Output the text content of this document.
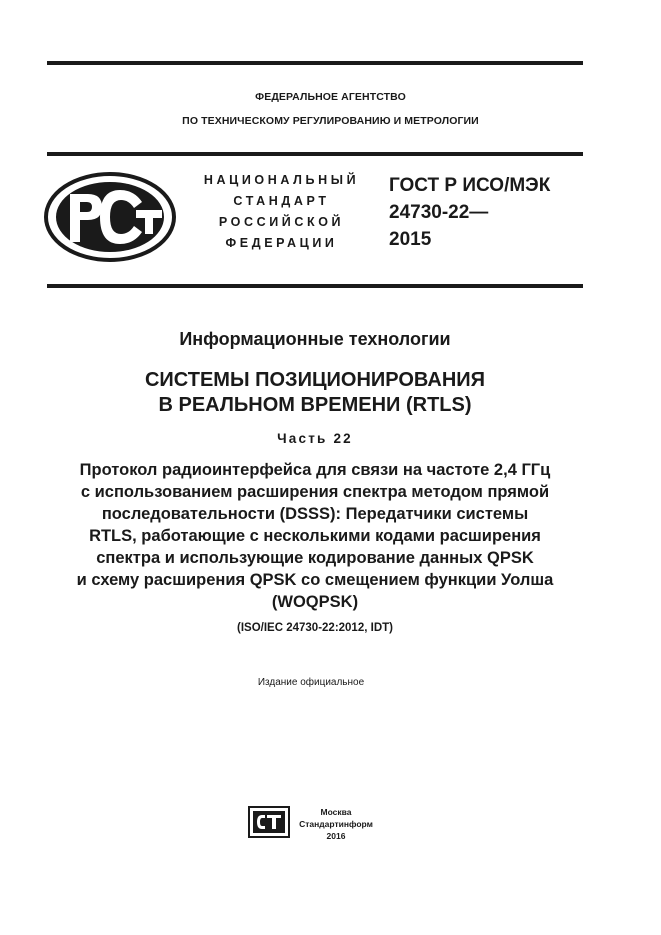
ФЕДЕРАЛЬНОЕ АГЕНТСТВО
ПО ТЕХНИЧЕСКОМУ РЕГУЛИРОВАНИЮ И МЕТРОЛОГИИ
НАЦИОНАЛЬНЫЙ
СТАНДАРТ
РОССИЙСКОЙ
ФЕДЕРАЦИИ
ГОСТ Р ИСО/МЭК
24730-22—
2015
Информационные технологии
СИСТЕМЫ ПОЗИЦИОНИРОВАНИЯ
В РЕАЛЬНОМ ВРЕМЕНИ (RTLS)
Часть 22
Протокол радиоинтерфейса для связи на частоте 2,4 ГГц
с использованием расширения спектра методом прямой
последовательности (DSSS): Передатчики системы
RTLS, работающие с несколькими кодами расширения
спектра и использующие кодирование данных QPSK
и схему расширения QPSK со смещением функции Уолша
(WOQPSK)
(ISO/IEC 24730-22:2012, IDT)
Издание официальное
Москва
Стандартинформ
2016
